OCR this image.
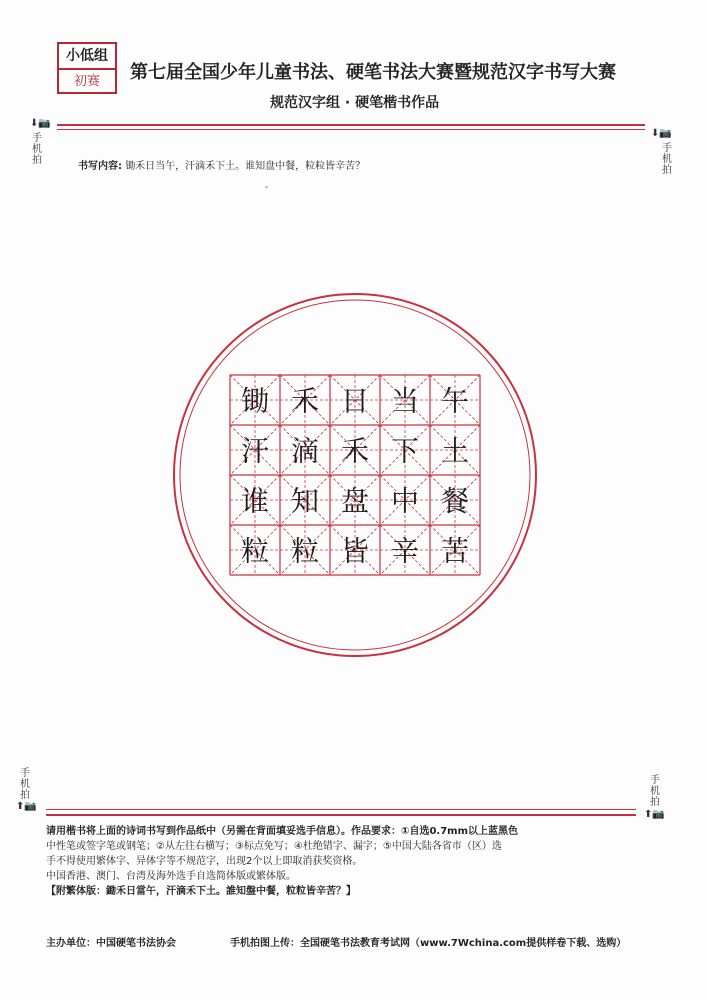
小低组
初赛	第七届全国少年儿童书法、硬笔书法大赛暨规范汉字书写大赛
规范汉字组 · 硬笔楷书作品
⬇📷
手机拍
⬇📷
手机拍
书写内容: 锄禾日当午，汗滴禾下土。谁知盘中餐，粒粒皆辛苦？
″
锄 禾 日 当 午
汗 滴 禾 下 土
谁 知 盘 中 餐
粒 粒 皆 辛 苦
手机拍
⬆📷
手机拍
⬆📷
请用楷书将上面的诗词书写到作品纸中（另需在背面填妥选手信息）。作品要求：①自选0.7mm以上蓝黑色
中性笔或签字笔或钢笔；②从左往右横写；③标点免写；④杜绝错字、漏字；⑤中国大陆各省市（区）选
手不得使用繁体字、异体字等不规范字，出现2个以上即取消获奖资格。
中国香港、澳门、台湾及海外选手自选简体版或繁体版。
【附繁体版：鋤禾日當午，汗滴禾下土。誰知盤中餐，粒粒皆辛苦？】
主办单位：中国硬笔书法协会	手机拍图上传：全国硬笔书法教育考试网（www.7Wchina.com提供样卷下载、选购）
